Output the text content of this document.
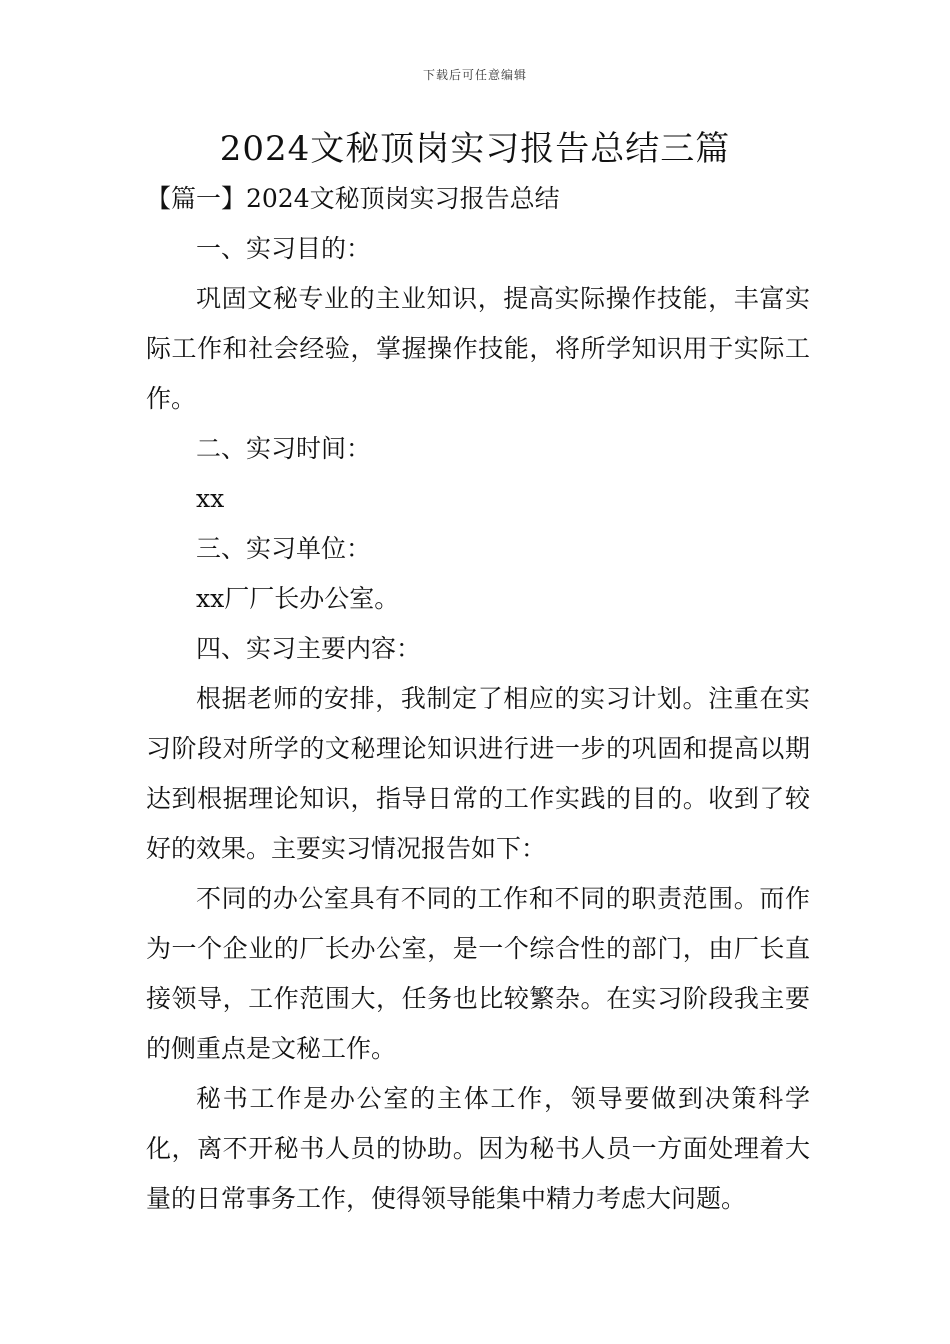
下载后可任意编辑
2024文秘顶岗实习报告总结三篇

【篇一】2024文秘顶岗实习报告总结

一、实习目的：

巩固文秘专业的主业知识，提高实际操作技能，丰富实际工作和社会经验，掌握操作技能，将所学知识用于实际工作。

二、实习时间：

xx

三、实习单位：

xx厂厂长办公室。

四、实习主要内容：

根据老师的安排，我制定了相应的实习计划。注重在实习阶段对所学的文秘理论知识进行进一步的巩固和提高以期达到根据理论知识，指导日常的工作实践的目的。收到了较好的效果。主要实习情况报告如下：

不同的办公室具有不同的工作和不同的职责范围。而作为一个企业的厂长办公室，是一个综合性的部门，由厂长直接领导，工作范围大，任务也比较繁杂。在实习阶段我主要的侧重点是文秘工作。

秘书工作是办公室的主体工作，领导要做到决策科学化，离不开秘书人员的协助。因为秘书人员一方面处理着大量的日常事务工作，使得领导能集中精力考虑大问题。
